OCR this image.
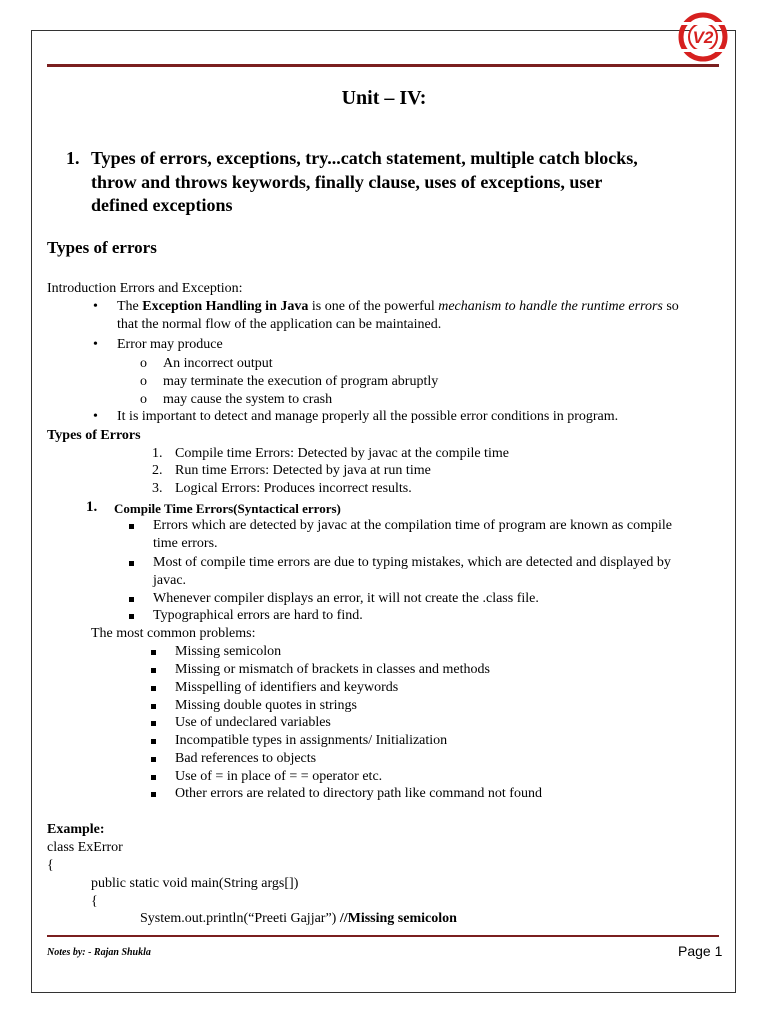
V2
Unit – IV:
1. Types of errors, exceptions, try...catch statement, multiple catch blocks,
throw and throws keywords, finally clause, uses of exceptions, user
defined exceptions
Types of errors
Introduction Errors and Exception:
• The Exception Handling in Java is one of the powerful mechanism to handle the runtime errors so
that the normal flow of the application can be maintained.
• Error may produce
o An incorrect output
o may terminate the execution of program abruptly
o may cause the system to crash
• It is important to detect and manage properly all the possible error conditions in program.
Types of Errors
1. Compile time Errors: Detected by javac at the compile time
2. Run time Errors: Detected by java at run time
3. Logical Errors: Produces incorrect results.
1. Compile Time Errors(Syntactical errors)
Errors which are detected by javac at the compilation time of program are known as compile
time errors.
Most of compile time errors are due to typing mistakes, which are detected and displayed by
javac.
Whenever compiler displays an error, it will not create the .class file.
Typographical errors are hard to find.
The most common problems:
Missing semicolon
Missing or mismatch of brackets in classes and methods
Misspelling of identifiers and keywords
Missing double quotes in strings
Use of undeclared variables
Incompatible types in assignments/ Initialization
Bad references to objects
Use of = in place of = = operator etc.
Other errors are related to directory path like command not found
Example:
class ExError
{
public static void main(String args[])
{
System.out.println(“Preeti Gajjar”) //Missing semicolon
Notes by: - Rajan Shukla	Page 1
